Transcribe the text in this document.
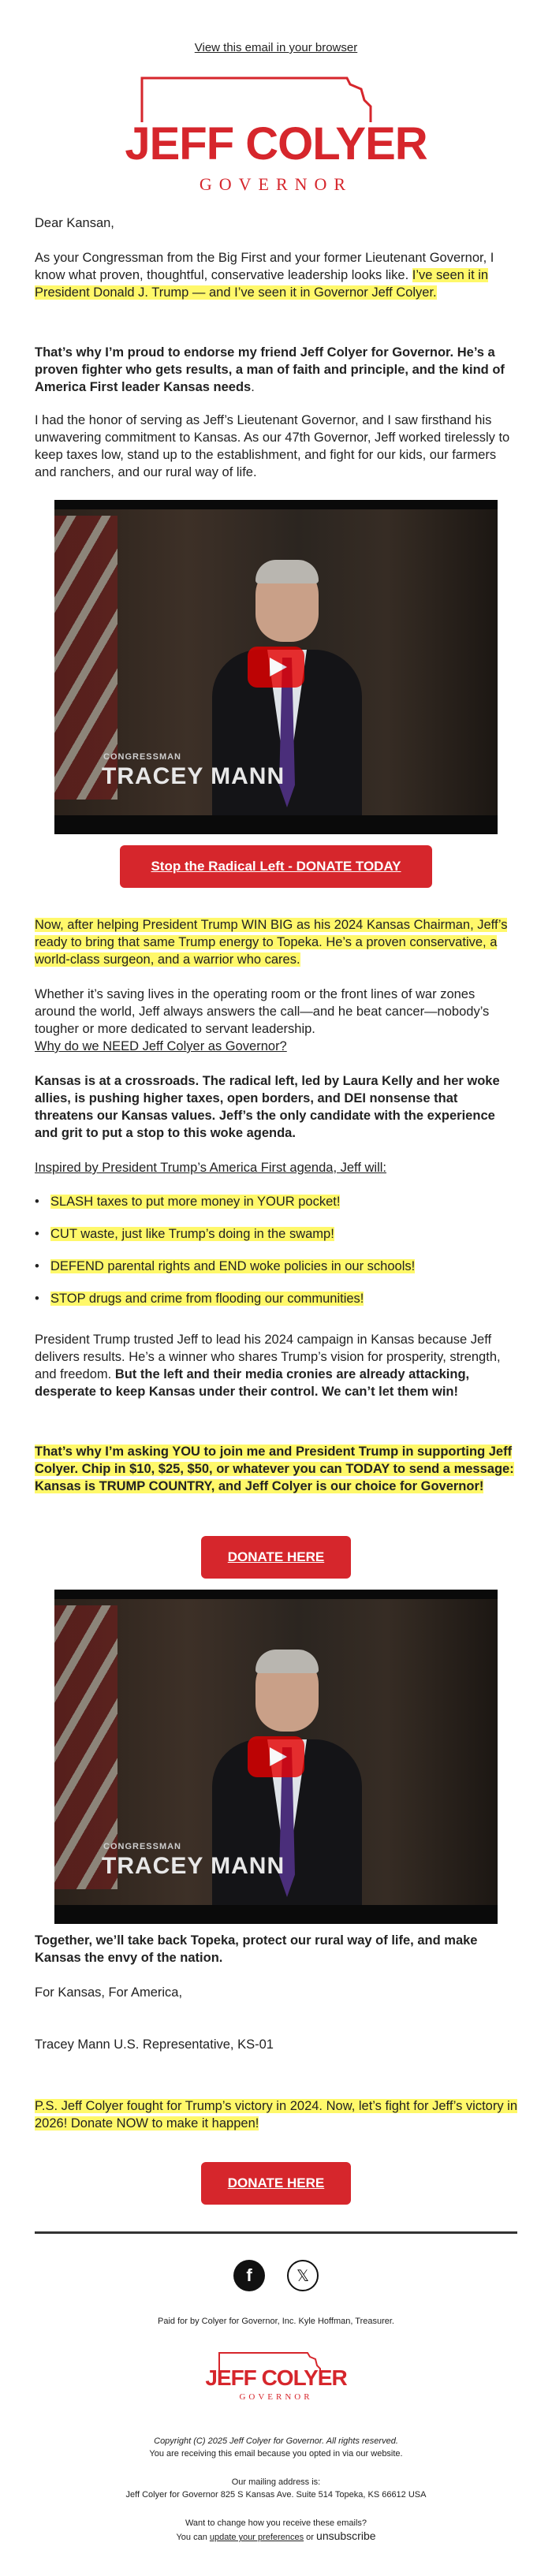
View this email in your browser
JEFF COLYER
GOVERNOR

Dear Kansan,

As your Congressman from the Big First and your former Lieutenant Governor, I know what proven, thoughtful, conservative leadership looks like. I’ve seen it in President Donald J. Trump — and I’ve seen it in Governor Jeff Colyer.

That’s why I’m proud to endorse my friend Jeff Colyer for Governor. He’s a proven fighter who gets results, a man of faith and principle, and the kind of America First leader Kansas needs.

I had the honor of serving as Jeff’s Lieutenant Governor, and I saw firsthand his unwavering commitment to Kansas. As our 47th Governor, Jeff worked tirelessly to keep taxes low, stand up to the establishment, and fight for our kids, our farmers and ranchers, and our rural way of life.

CONGRESSMAN
TRACEY MANN
Stop the Radical Left - DONATE TODAY

Now, after helping President Trump WIN BIG as his 2024 Kansas Chairman, Jeff’s ready to bring that same Trump energy to Topeka. He’s a proven conservative, a world-class surgeon, and a warrior who cares.

Whether it’s saving lives in the operating room or the front lines of war zones around the world, Jeff always answers the call—and he beat cancer—nobody’s tougher or more dedicated to servant leadership.

Why do we NEED Jeff Colyer as Governor?

Kansas is at a crossroads. The radical left, led by Laura Kelly and her woke allies, is pushing higher taxes, open borders, and DEI nonsense that threatens our Kansas values. Jeff’s the only candidate with the experience and grit to put a stop to this woke agenda.

Inspired by President Trump’s America First agenda, Jeff will:

• SLASH taxes to put more money in YOUR pocket!
• CUT waste, just like Trump’s doing in the swamp!
• DEFEND parental rights and END woke policies in our schools!
• STOP drugs and crime from flooding our communities!

President Trump trusted Jeff to lead his 2024 campaign in Kansas because Jeff delivers results. He’s a winner who shares Trump’s vision for prosperity, strength, and freedom. But the left and their media cronies are already attacking, desperate to keep Kansas under their control. We can’t let them win!

That’s why I’m asking YOU to join me and President Trump in supporting Jeff Colyer. Chip in $10, $25, $50, or whatever you can TODAY to send a message: Kansas is TRUMP COUNTRY, and Jeff Colyer is our choice for Governor!

DONATE HERE
CONGRESSMAN
TRACEY MANN

Together, we’ll take back Topeka, protect our rural way of life, and make Kansas the envy of the nation.

For Kansas, For America,

Tracey Mann U.S. Representative, KS-01

P.S. Jeff Colyer fought for Trump’s victory in 2024. Now, let’s fight for Jeff’s victory in 2026! Donate NOW to make it happen!

DONATE HERE
f	𝕏
Paid for by Colyer for Governor, Inc. Kyle Hoffman, Treasurer.
JEFF COLYER
GOVERNOR
Copyright (C) 2025 Jeff Colyer for Governor. All rights reserved.
You are receiving this email because you opted in via our website.
Our mailing address is:
Jeff Colyer for Governor 825 S Kansas Ave. Suite 514 Topeka, KS 66612 USA
Want to change how you receive these emails?
You can update your preferences or unsubscribe
